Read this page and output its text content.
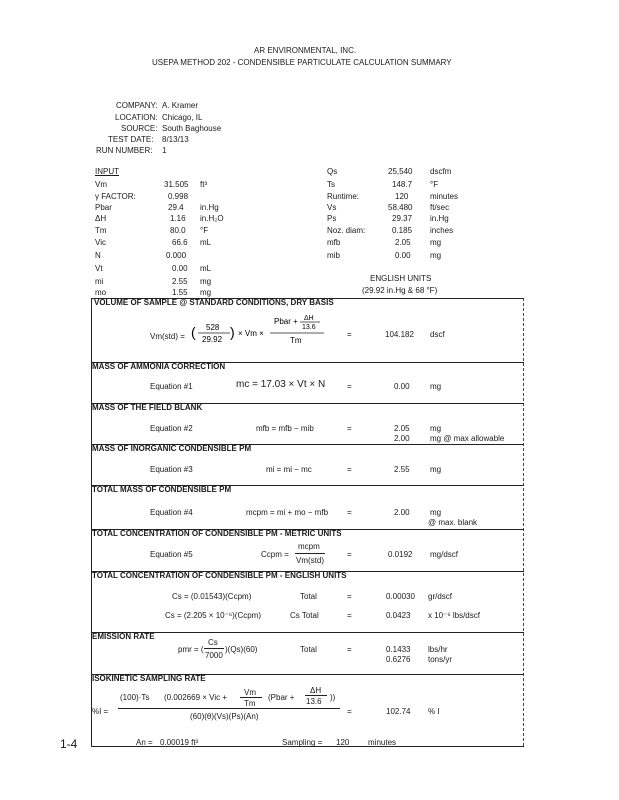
AR ENVIRONMENTAL, INC.
USEPA METHOD 202 - CONDENSIBLE PARTICULATE CALCULATION SUMMARY
COMPANY: A. Kramer
LOCATION: Chicago, IL
SOURCE: South Baghouse
TEST DATE: 8/13/13
RUN NUMBER: 1
INPUT
Vm	31.505 ft³
γ FACTOR:	0.998
Pbar	29.4 in.Hg
ΔH	1.16 in.H₂O
Tm	80.0 °F
Vic	66.6 mL
N	0.000
Vt	0.00 mL
mi	2.55 mg
mo	1.55 mg
Qs	25,540 dscfm
Ts	148.7 °F
Runtime:	120	minutes
Vs	58.480 ft/sec
Ps	29.37 in.Hg
Noz. diam:	0.185 inches
mfb	2.05 mg
mib	0.00 mg
ENGLISH UNITS
(29.92 in.Hg & 68 °F)
VOLUME OF SAMPLE @ STANDARD CONDITIONS, DRY BASIS
Vm(std) =
528
29.92
( ) × Vm ×
Pbar + ΔH
13.6
Tm
=	104.182 dscf
MASS OF AMMONIA CORRECTION
Equation #1	mc = 17.03 × Vt × N	=	0.00	mg
MASS OF THE FIELD BLANK
Equation #2	mfb = mfb − mib	=	2.05	mg
2.00	mg @ max allowable
MASS OF INORGANIC CONDENSIBLE PM
Equation #3	mi = mi − mc	=	2.55	mg
TOTAL MASS OF CONDENSIBLE PM
Equation #4	mcpm = mi + mo − mfb =	2.00	mg
@ max. blank
TOTAL CONCENTRATION OF CONDENSIBLE PM - METRIC UNITS
Equation #5	Ccpm =
mcpm
Vm(std)
=	0.0192 mg/dscf
TOTAL CONCENTRATION OF CONDENSIBLE PM - ENGLISH UNITS
Cs = (0.01543)(Ccpm)	Total	=	0.00030 gr/dscf
Cs = (2.205 × 10⁻⁶)(Ccpm)	Cs Total	=	0.0423 x 10⁻⁶ lbs/dscf
EMISSION RATE
pmr = (
Cs
7000
)(Qs)(60)	Total	=	0.1433 lbs/hr
0.6276 tons/yr
ISOKINETIC SAMPLING RATE
%I =
(100)·Ts (0.002669 × Vic +
Vm
Tm
(Pbar +
ΔH
13.6 ))
(60)(θ)(Vs)(Ps)(An)
=	102.74 % I
An = 0.00019 ft²	Sampling = 120 minutes
1-4
